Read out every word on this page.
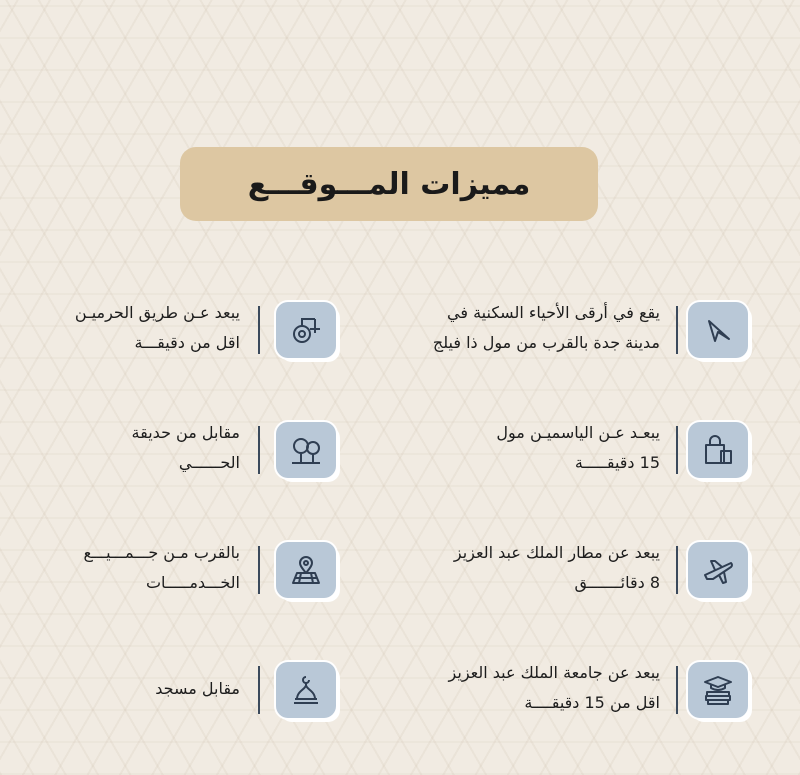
مميزات المـــوقـــع
يقع في أرقى الأحياء السكنية في
مدينة جدة بالقرب من مول ذا فيلج
يبعد عـن طريق الحرميـن
اقل من دقيقـــة
يبعـد عـن الياسميـن مول
15 دقيقـــــة
مقابل من حديقة
الحــــــي
يبعد عن مطار الملك عبد العزيز
8 دقائـــــــق
بالقرب مـن جـــمـــيـــع
الخـــدمـــــات
يبعد عن جامعة الملك عبد العزيز
اقل من 15 دقيقــــة
مقابل مسجد
